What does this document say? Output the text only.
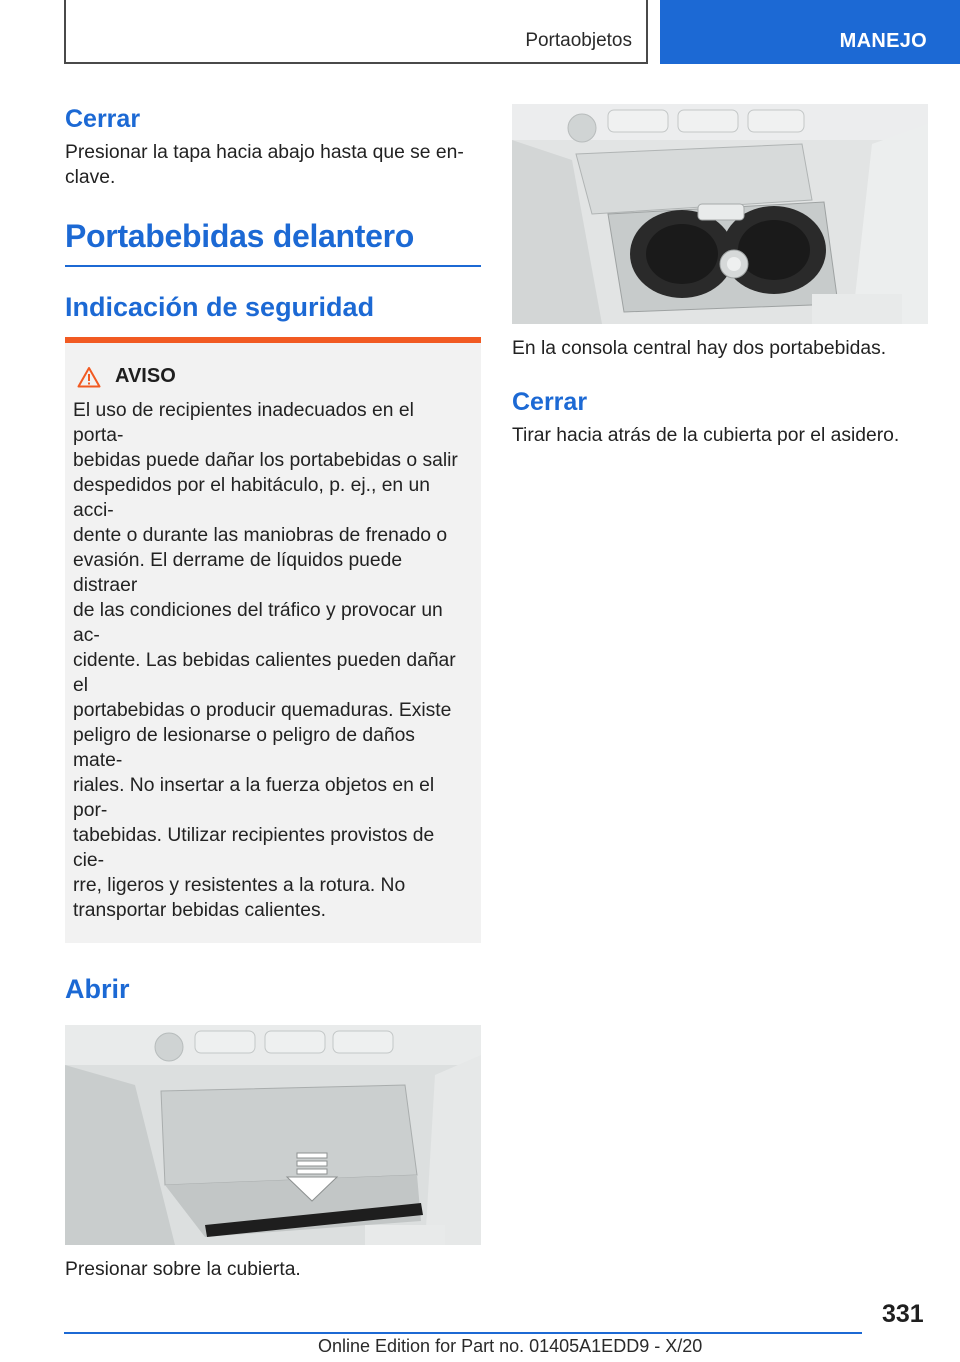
Portaobjetos	MANEJO
Cerrar

Presionar la tapa hacia abajo hasta que se en-
clave.

Portabebidas delantero
Indicación de seguridad
AVISO

El uso de recipientes inadecuados en el porta-
bebidas puede dañar los portabebidas o salir
despedidos por el habitáculo, p. ej., en un acci-
dente o durante las maniobras de frenado o
evasión. El derrame de líquidos puede distraer
de las condiciones del tráfico y provocar un ac-
cidente. Las bebidas calientes pueden dañar el
portabebidas o producir quemaduras. Existe
peligro de lesionarse o peligro de daños mate-
riales. No insertar a la fuerza objetos en el por-
tabebidas. Utilizar recipientes provistos de cie-
rre, ligeros y resistentes a la rotura. No
transportar bebidas calientes.

Abrir

Presionar sobre la cubierta.

En la consola central hay dos portabebidas.

Cerrar

Tirar hacia atrás de la cubierta por el asidero.

331
Online Edition for Part no. 01405A1EDD9 - X/20
